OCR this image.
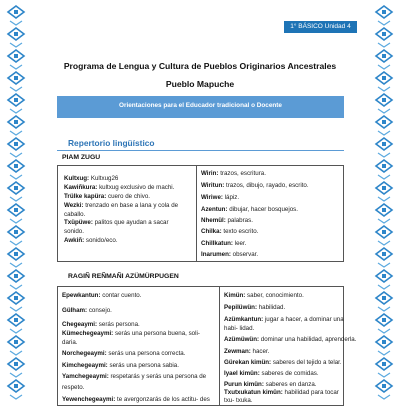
1° BÁSICO Unidad 4
Programa de Lengua y Cultura de Pueblos Originarios Ancestrales
Pueblo Mapuche
Orientaciones para el Educador tradicional o Docente
Repertorio lingüístico
PIAM ZUGU
Kultxug: Kultxug26
Kawiñkura: kultxug exclusivo de machi.
Trülke kapüra: cuero de chivo.
Wezki: trenzado en base a lana y cola de
caballo.
Txüpüwe: palitos que ayudan a sacar
sonido.
Awkiñ: sonido/eco.
Wirin: trazos, escritura.
Wiritun: trazos, dibujo, rayado, escrito.
Wiriwe: lápiz.
Azentun: dibujar, hacer bosquejos.
Nhemül: palabras.
Chilka: texto escrito.
Chillkatun: leer.
Inarumen: observar.
RAGIÑ REÑMAÑI AZÜMÜRPUGEN
Epewkantun: contar cuento.
Gülham: consejo.
Chegeaymi: serás persona.
Kümechegeaymi: serás una persona buena, soli-
daria.
Norchegeaymi: serás una persona correcta.
Kimchegeaymi: serás una persona sabia.
Yamchegeaymi: respetarás y serás una persona de
respeto.
Yewenchegeaymi: te avergonzarás de los actitu- des
Kimün: saber, conocimiento.
Pepilüwün: habilidad.
Azümkantun: jugar a hacer, a dominar una
habi- lidad.
Azümüwün: dominar una habilidad, aprenderla.
Zewman: hacer.
Gürekan kimün: saberes del tejido a telar.
Iyael kimün: saberes de comidas.
Purun kimün: saberes en danza.
Txutxukatun kimün: habilidad para tocar
txu- txuka.
